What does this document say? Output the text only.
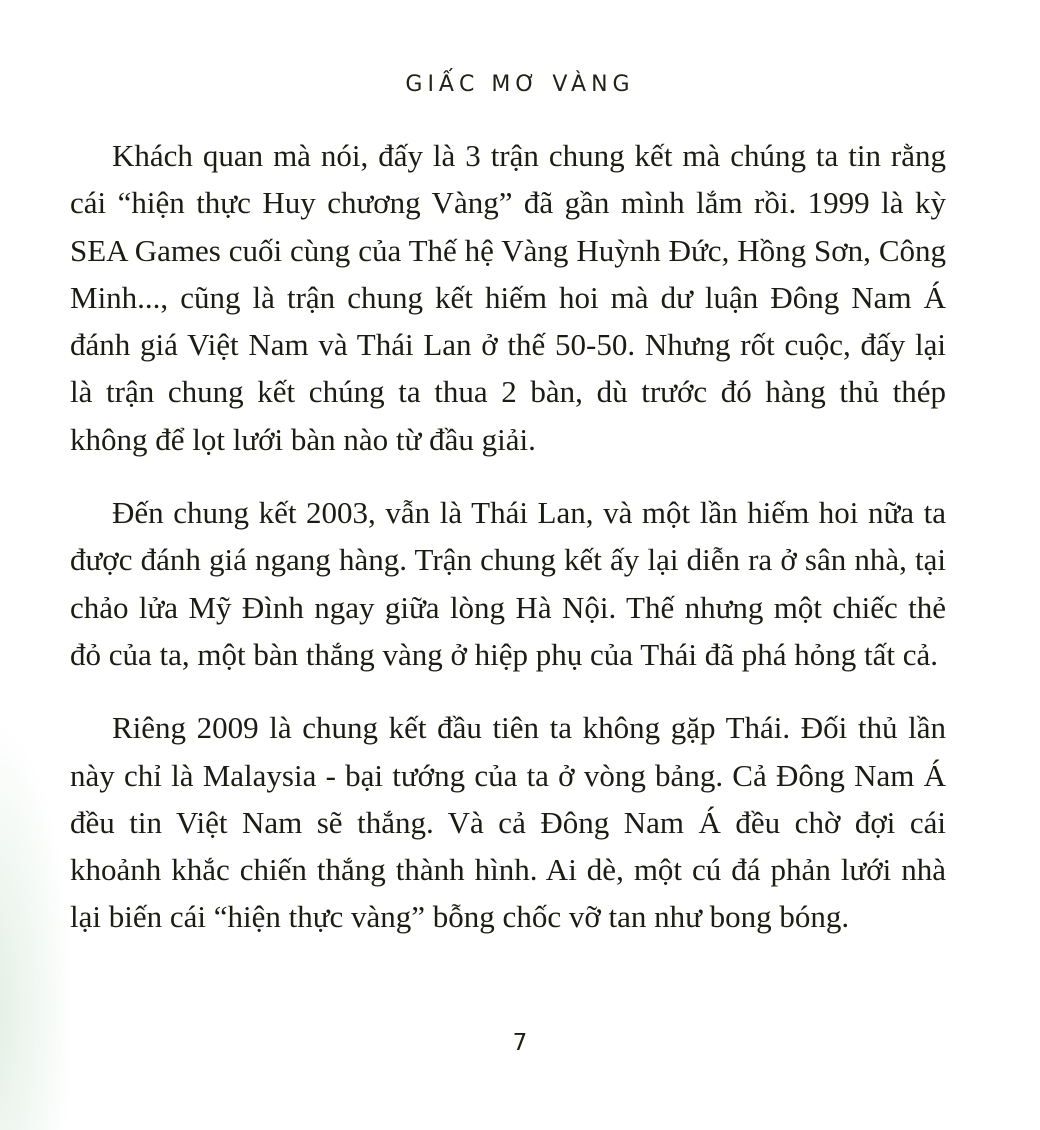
GIẤC MƠ VÀNG

Khách quan mà nói, đấy là 3 trận chung kết mà chúng ta tin rằng cái “hiện thực Huy chương Vàng” đã gần mình lắm rồi. 1999 là kỳ SEA Games cuối cùng của Thế hệ Vàng Huỳnh Đức, Hồng Sơn, Công Minh..., cũng là trận chung kết hiếm hoi mà dư luận Đông Nam Á đánh giá Việt Nam và Thái Lan ở thế 50-50. Nhưng rốt cuộc, đấy lại là trận chung kết chúng ta thua 2 bàn, dù trước đó hàng thủ thép không để lọt lưới bàn nào từ đầu giải.

Đến chung kết 2003, vẫn là Thái Lan, và một lần hiếm hoi nữa ta được đánh giá ngang hàng. Trận chung kết ấy lại diễn ra ở sân nhà, tại chảo lửa Mỹ Đình ngay giữa lòng Hà Nội. Thế nhưng một chiếc thẻ đỏ của ta, một bàn thắng vàng ở hiệp phụ của Thái đã phá hỏng tất cả.

Riêng 2009 là chung kết đầu tiên ta không gặp Thái. Đối thủ lần này chỉ là Malaysia - bại tướng của ta ở vòng bảng. Cả Đông Nam Á đều tin Việt Nam sẽ thắng. Và cả Đông Nam Á đều chờ đợi cái khoảnh khắc chiến thắng thành hình. Ai dè, một cú đá phản lưới nhà lại biến cái “hiện thực vàng” bỗng chốc vỡ tan như bong bóng.

7
